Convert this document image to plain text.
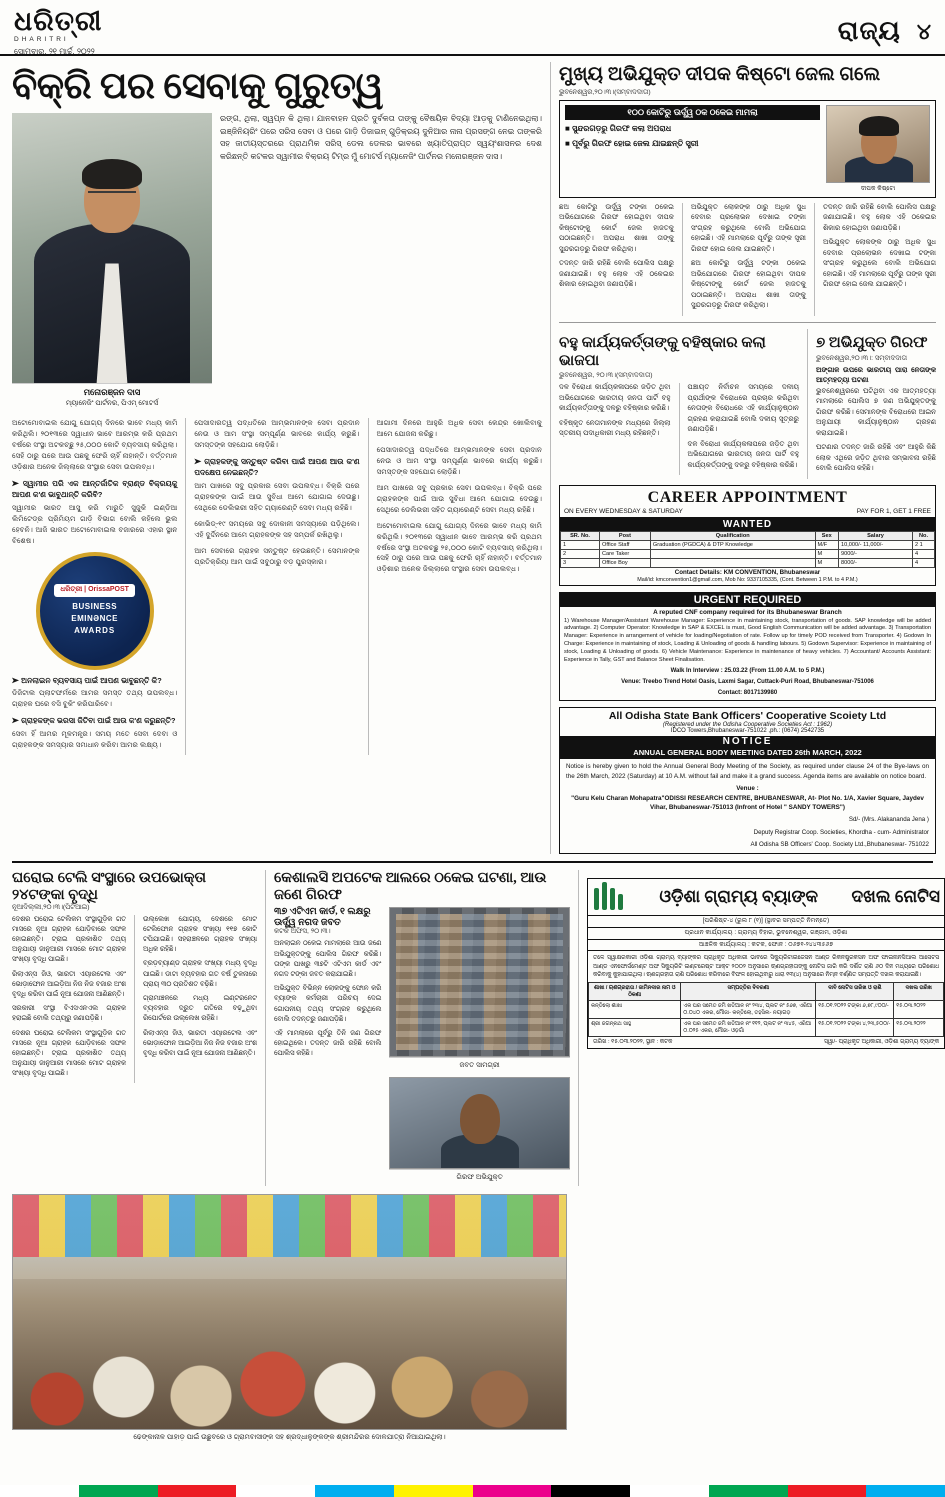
ଧରିତ୍ରୀ
DHARITRI
ସୋମବାର, ୨୧ ମାର୍ଚ୍ଚ, ୨୦୨୨
ରାଜ୍ୟ ୪
ବିକ୍ରି ପର ସେବାକୁ ଗୁରୁତ୍ୱ
ମନୋରଞ୍ଜନ ଦାସ
ମ୍ୟାନେଜିଂ ପାର୍ଟନର, ପିଏମ୍ ମୋଟର୍ସ
ରଙ୍ଗ, ଥିଲା, ସ୍ୱପ୍ନ କି ଥିଲା। ଯାନବାହନ ପ୍ରତି ଦୁର୍ବଳତା ତାଙ୍କୁ ବୈଷୟିକ ବିଦ୍ୟା ଆଡ଼କୁ ଟାଣିନେଇଥିଲା। ଇଞ୍ଜିନିୟରିଂ ପରେ ସରିସ ସେବା ଓ ପରେ ଗାଡ଼ି ଡିଜାଇନ୍ ଗୁଡ଼ିକ୍ରୟ ଦୁନିଆର ନାନା ପ୍ରସଙ୍ଗ ନେଇ ତାଙ୍କରି ସହ ଜାତୀୟସ୍ତରରେ ପ୍ରାଥମିକ ସରିସ୍ ଡେଲ ଡେଲର ଭାବରେ ଖ୍ୟାତିପ୍ରାପ୍ତ ସ୍ୱୟଂଶାସନର ଦେଶ କରିଛନ୍ତି କଟକର ସ୍ୱାମୀର ବିକ୍ରୟ ଟିମ୍‌ର ମୁଁ ମୋଟର୍ସ ମ୍ୟାନେଜିଂ ପାର୍ଟନର ମନୋରଞ୍ଜନ ଦାସ।

ଅଟୋମୋବାଇଲ ଯୋଗୁ ଯୋଗ୍ୟ ଦିନରେ ଭାବେ ମଧ୍ୟ କାମି କରିଥିଲି। ୨୦୧୩ରେ ସ୍ୱାଧୀନ ଭାବେ ଆରମ୍ଭ କରି ପ୍ରଥମ ବର୍ଷରେ ସଂସ୍ଥା ଅଟକଚ୍ଛୁ ୨୫,୦୦୦ କୋଟି ବ୍ୟବସାୟ କରିଥିଲା। ସେହି ଠାରୁ ପରେ ଆଉ ପଛକୁ ଫେରି ଚାହିଁ ନାହାନ୍ତି। ବର୍ତ୍ତମାନ ଓଡ଼ିଶାର ଅନେକ ଜିଲ୍ଲାରେ ସଂସ୍ଥାର ସେବା ଉପଲବ୍ଧ।

➤ ସ୍ୱାମୀର ପରି ଏକ ଆନ୍ତର୍ଜାତିକ ବ୍ରାଣ୍ଡ ବିକ୍ରୟକୁ ଆପଣ କ'ଣ ଭାବୁଥାନ୍ତି କରିବି?

ସ୍ୱାମୀର ଭାରତ ଆସୁ କରି ମାରୁତି ସୁଜୁକି ଇଣ୍ଡିଆ ଲିମିଟେଡ୍‌ର ପ୍ରିମିୟମ ଗାଡ଼ି ବିଭାଗ ବୋଲି କହିଲେ ଭୁଲ ହେବନି। ଆଜି ଭାରତ ଅଟୋମୋବାଇଲ ବଜାରରେ ଏହାର ସ୍ଥାନ ବିଶେଷ।

ଧରିତ୍ରୀ | OrissaPOST
BUSINESS
EMINƏNCE
AWARDS
➤ ଅନଲାଇନ ବ୍ୟବସାୟ ପାଇଁ ଆପଣ ଭାବୁଛନ୍ତି କି?

ଡିଜିଟାଲ ପ୍ଲାଟଫର୍ମରେ ଆମର ସମସ୍ତ ତଥ୍ୟ ଉପଲବ୍ଧ। ଗ୍ରାହକ ଘରେ ବସି ବୁକିଂ କରିପାରିବେ।

➤ ଗ୍ରାହକଙ୍କ ଭରସା ଜିତିବା ପାଇଁ ଆଉ କ'ଣ କରୁଛନ୍ତି?

ସେବା ହିଁ ଆମର ମୂଳମନ୍ତ୍ର। ସମୟ ମତେ ସେବା ଦେବା ଓ ଗ୍ରାହକଙ୍କ ସମସ୍ୟାର ସମାଧାନ କରିବା ଆମର ଲକ୍ଷ୍ୟ।

ପେସାଦାରତ୍ୱ ପଦ୍ଧତିରେ ଆମ୍ଭମାନଙ୍କ ସେବା ପ୍ରଦାନ ନେଉ ଓ ଆମ ସଂସ୍ଥା ସମ୍ପୂର୍ଣ୍ଣ ଭାବରେ କାର୍ଯ୍ୟ କରୁଛି। ସମସ୍ତଙ୍କ ସହଯୋଗ ଲୋଡ଼ିଛି।

➤ ଗ୍ରାହକଙ୍କୁ ସନ୍ତୁଷ୍ଟ କରିବା ପାଇଁ ଆପଣ ଆଉ କ'ଣ ପଦକ୍ଷେପ ନେଇଛନ୍ତି?

ଆମ ପାଖରେ ସବୁ ପ୍ରକାର ସେବା ଉପଲବ୍ଧ। ବିକ୍ରି ପରେ ଗ୍ରାହକଙ୍କ ପାଇଁ ଆଉ ସୁବିଧା ଆମେ ଯୋଗାଇ ଦେଉଛୁ। ସେଥିରେ ଡେଲିଭରୀ ସହିତ ଗ୍ୟାରେଣ୍ଟି ସେବା ମଧ୍ୟ ରହିଛି।

କୋଭିଡ୍-୧୯ ସମୟରେ ସବୁ ଦୋକାନୀ ସମସ୍ୟାରେ ପଡ଼ିଥିଲେ। ଏହି ଦୁର୍ଦ୍ଦିନରେ ଆମେ ଗ୍ରାହକଙ୍କ ସହ ସମ୍ପର୍କ ରଖିଥିଲୁ।

ଆମ ସେବାରେ ଗ୍ରାହକ ସନ୍ତୁଷ୍ଟ ହେଉଛନ୍ତି। ସେମାନଙ୍କ ପ୍ରତିକ୍ରିୟା ଆମ ପାଇଁ ସବୁଠାରୁ ବଡ଼ ପୁରସ୍କାର।

ଆଗାମୀ ଦିନରେ ଆହୁରି ଅଧିକ ସେବା କେନ୍ଦ୍ର ଖୋଲିବାକୁ ଆମେ ଯୋଜନା କରିଛୁ।

ପେସାଦାରତ୍ୱ ପଦ୍ଧତିରେ ଆମ୍ଭମାନଙ୍କ ସେବା ପ୍ରଦାନ ନେଉ ଓ ଆମ ସଂସ୍ଥା ସମ୍ପୂର୍ଣ୍ଣ ଭାବରେ କାର୍ଯ୍ୟ କରୁଛି। ସମସ୍ତଙ୍କ ସହଯୋଗ ଲୋଡ଼ିଛି।

ଆମ ପାଖରେ ସବୁ ପ୍ରକାର ସେବା ଉପଲବ୍ଧ। ବିକ୍ରି ପରେ ଗ୍ରାହକଙ୍କ ପାଇଁ ଆଉ ସୁବିଧା ଆମେ ଯୋଗାଇ ଦେଉଛୁ। ସେଥିରେ ଡେଲିଭରୀ ସହିତ ଗ୍ୟାରେଣ୍ଟି ସେବା ମଧ୍ୟ ରହିଛି।

ଅଟୋମୋବାଇଲ ଯୋଗୁ ଯୋଗ୍ୟ ଦିନରେ ଭାବେ ମଧ୍ୟ କାମି କରିଥିଲି। ୨୦୧୩ରେ ସ୍ୱାଧୀନ ଭାବେ ଆରମ୍ଭ କରି ପ୍ରଥମ ବର୍ଷରେ ସଂସ୍ଥା ଅଟକଚ୍ଛୁ ୨୫,୦୦୦ କୋଟି ବ୍ୟବସାୟ କରିଥିଲା। ସେହି ଠାରୁ ପରେ ଆଉ ପଛକୁ ଫେରି ଚାହିଁ ନାହାନ୍ତି। ବର୍ତ୍ତମାନ ଓଡ଼ିଶାର ଅନେକ ଜିଲ୍ଲାରେ ସଂସ୍ଥାର ସେବା ଉପଲବ୍ଧ।

ମୁଖ୍ୟ ଅଭିଯୁକ୍ତ ଦୀପକ କିଷ୍ଟୋ ଜେଲ ଗଲେ
ଭୁବନେଶ୍ୱର,୨୦।୩।(ସମ୍ବାଦଦାତା)
୧୦୦ କୋଟିରୁ ଊର୍ଦ୍ଧ୍ୱ ଠକ ଠକେଇ ମାମଲା
■ ସୁନ୍ଦରଗଡ଼ରୁ ଗିରଫ କଲା ଅପରାଧ
■ ପୂର୍ବରୁ ଗିରଫ ହୋଇ ଜେଲ ଯାଇଛନ୍ତି ସ୍ତ୍ରୀ
ଦୀପକ କିଷ୍ଟୋ

ଛଅ କୋଟିରୁ ଊର୍ଦ୍ଧ୍ୱ ଟଙ୍କା ଠକେଇ ଅଭିଯୋଗରେ ଗିରଫ ହୋଇଥିବା ଦୀପକ କିଷ୍ଟୋଙ୍କୁ କୋର୍ଟ ଜେଲ ହାଜତକୁ ପଠାଇଛନ୍ତି। ଅପରାଧ ଶାଖା ତାଙ୍କୁ ସୁନ୍ଦରଗଡ଼ରୁ ଗିରଫ କରିଥିଲା।

ତଦନ୍ତ ଜାରି ରହିଛି ବୋଲି ପୋଲିସ ପକ୍ଷରୁ ଜଣାଯାଇଛି। ବହୁ ଲୋକ ଏହି ଠକେଇର ଶିକାର ହୋଇଥିବା ଜଣାପଡ଼ିଛି।

ଅଭିଯୁକ୍ତ ଲୋକଙ୍କ ଠାରୁ ଅଧିକ ସୁଧ ଦେବାର ପ୍ରଲୋଭନ ଦେଖାଇ ଟଙ୍କା ସଂଗ୍ରହ କରୁଥିଲେ ବୋଲି ଅଭିଯୋଗ ହୋଇଛି। ଏହି ମାମଲାରେ ପୂର୍ବରୁ ତାଙ୍କ ସ୍ତ୍ରୀ ଗିରଫ ହୋଇ ଜେଲ ଯାଇଛନ୍ତି।

ଛଅ କୋଟିରୁ ଊର୍ଦ୍ଧ୍ୱ ଟଙ୍କା ଠକେଇ ଅଭିଯୋଗରେ ଗିରଫ ହୋଇଥିବା ଦୀପକ କିଷ୍ଟୋଙ୍କୁ କୋର୍ଟ ଜେଲ ହାଜତକୁ ପଠାଇଛନ୍ତି। ଅପରାଧ ଶାଖା ତାଙ୍କୁ ସୁନ୍ଦରଗଡ଼ରୁ ଗିରଫ କରିଥିଲା।

ତଦନ୍ତ ଜାରି ରହିଛି ବୋଲି ପୋଲିସ ପକ୍ଷରୁ ଜଣାଯାଇଛି। ବହୁ ଲୋକ ଏହି ଠକେଇର ଶିକାର ହୋଇଥିବା ଜଣାପଡ଼ିଛି।

ଅଭିଯୁକ୍ତ ଲୋକଙ୍କ ଠାରୁ ଅଧିକ ସୁଧ ଦେବାର ପ୍ରଲୋଭନ ଦେଖାଇ ଟଙ୍କା ସଂଗ୍ରହ କରୁଥିଲେ ବୋଲି ଅଭିଯୋଗ ହୋଇଛି। ଏହି ମାମଲାରେ ପୂର୍ବରୁ ତାଙ୍କ ସ୍ତ୍ରୀ ଗିରଫ ହୋଇ ଜେଲ ଯାଇଛନ୍ତି।

ବହୁ କାର୍ଯ୍ୟକର୍ତ୍ତାଙ୍କୁ ବହିଷ୍କାର କଲା ଭାଜପା
ଭୁବନେଶ୍ୱର, ୨୦।୩।(ସମ୍ବାଦଦାତା)

ଦଳ ବିରୋଧୀ କାର୍ଯ୍ୟକଳାପରେ ଜଡ଼ିତ ଥିବା ଅଭିଯୋଗରେ ଭାରତୀୟ ଜନତା ପାର୍ଟି ବହୁ କାର୍ଯ୍ୟକର୍ତ୍ତାଙ୍କୁ ଦଳରୁ ବହିଷ୍କାର କରିଛି।

ବହିଷ୍କୃତ ନେତାମାନଙ୍କ ମଧ୍ୟରେ ଜିଲ୍ଲା ସ୍ତରୀୟ ପଦାଧିକାରୀ ମଧ୍ୟ ରହିଛନ୍ତି।

ପଞ୍ଚାୟତ ନିର୍ବାଚନ ସମୟରେ ଦଳୀୟ ପ୍ରାର୍ଥୀଙ୍କ ବିରୋଧରେ ପ୍ରଚାର କରିଥିବା ନେତାଙ୍କ ବିରୋଧରେ ଏହି କାର୍ଯ୍ୟାନୁଷ୍ଠାନ ଗ୍ରହଣ କରାଯାଇଛି ବୋଲି ଦଳୀୟ ସୂତ୍ରରୁ ଜଣାପଡ଼ିଛି।

ଦଳ ବିରୋଧୀ କାର୍ଯ୍ୟକଳାପରେ ଜଡ଼ିତ ଥିବା ଅଭିଯୋଗରେ ଭାରତୀୟ ଜନତା ପାର୍ଟି ବହୁ କାର୍ଯ୍ୟକର୍ତ୍ତାଙ୍କୁ ଦଳରୁ ବହିଷ୍କାର କରିଛି।

୭ ଅଭିଯୁକ୍ତ ଗିରଫ
ଭୁବନେଶ୍ୱର,୨୦।୩।: ସମ୍ବାଦଦାତା
ଅଙ୍ଗାଳ ଉପରେ ଭାରତୀୟ ପାରା ନେତାଙ୍କ ଆତ୍ମହତ୍ୟା ଘଟଣା

ଭୁବନେଶ୍ୱରରେ ଘଟିଥିବା ଏକ ଆତ୍ମହତ୍ୟା ମାମଲାରେ ପୋଲିସ ୭ ଜଣ ଅଭିଯୁକ୍ତଙ୍କୁ ଗିରଫ କରିଛି। ସେମାନଙ୍କ ବିରୋଧରେ ଆଇନ ଅନୁଯାୟୀ କାର୍ଯ୍ୟାନୁଷ୍ଠାନ ଗ୍ରହଣ କରାଯାଇଛି।

ଘଟଣାର ତଦନ୍ତ ଜାରି ରହିଛି ଏବଂ ଆହୁରି କିଛି ଲୋକ ଏଥିରେ ଜଡ଼ିତ ଥିବାର ସମ୍ଭାବନା ରହିଛି ବୋଲି ପୋଲିସ କହିଛି।

CAREER APPOINTMENT
ON EVERY WEDNESDAY & SATURDAY	PAY FOR 1, GET 1 FREE
WANTED
SR. No.	Post	Qualification	Sex	Salary	No.
1	Office Staff	Graduation (PGDCA) & DTP Knowledge	M/F	10,000/- 11,000/-	2 1
2	Care Taker		M	9000/-	4
3	Office Boy		M	8000/-	4
Contact Details: KM CONVENTION, Bhubaneswar
Mail/id: kmconvention1@gmail.com, Mob No: 9337105335, (Cont. Between 1 P.M. to 4 P.M.)
URGENT REQUIRED
A reputed CNF company required for its Bhubaneswar Branch
1) Warehouse Manager/Assistant Warehouse Manager: Experience in maintaining stock, transportation of goods. SAP knowledge will be added advantage. 2) Computer Operator: Knowledge in SAP & EXCEL is must, Good English Communication will be added advantage. 3) Transportation Manager: Experience in arrangement of vehicle for loading/Negotiation of rate. Follow up for timely POD received from Transporter. 4) Godown In Charge: Experience in maintaining of stock, Loading & Unloading of goods & handling labours. 5) Godown Supervisor: Experience in maintaining of stock, Loading & Unloading of goods. 6) Vehicle Maintenance: Experience in maintenance of heavy vehicles. 7) Accountant/ Accounts Assistant: Experience in Tally, GST and Balance Sheet Finalisation.
Walk In Interview : 25.03.22 (From 11.00 A.M. to 5 P.M.)
Venue: Treebo Trend Hotel Oasis, Laxmi Sagar, Cuttack-Puri Road, Bhubaneswar-751006
Contact: 8017139980
All Odisha State Bank Officers' Cooperative Scoiety Ltd
(Registered under the Odisha Cooperative Societies Act : 1962)
IDCO Towers,Bhubaneswar-751022 ,ph.: (0674) 2542735
NOTICE
ANNUAL GENERAL BODY MEETING DATED 26th MARCH, 2022
Notice is hereby given to hold the Annual General Body Meeting of the Society, as required under clause 24 of the Bye-laws on the 26th March, 2022 (Saturday) at 10 A.M. without fail and make it a grand success. Agenda items are available on notice board.
Venue :
"Guru Kelu Charan Mohapatra"ODISSI RESEARCH CENTRE, BHUBANESWAR, At- Plot No. 1/A, Xavier Square, Jaydev Vihar, Bhubaneswar-751013 (Infront of Hotel " SANDY TOWERS")
Sd/- (Mrs. Alakananda Jena )
Deputy Registrar Coop. Societies, Khordha - cum- Administrator
All Odisha SB Officers' Coop. Society Ltd.,Bhubaneswar- 751022
ଘରୋଇ ଟେଲି ସଂସ୍ଥାରେ ଉପଭୋକ୍ତା ୨୪ଟଙ୍କା ବୃଦ୍ଧି
ନୂଆଦିଲ୍ଲୀ,୨୦।୩।(ପିଟିଆଇ)

ଦେଶର ଘରୋଇ ଟେଲିକମ ସଂସ୍ଥାଗୁଡ଼ିକ ଗତ ମାସରେ ନୂଆ ଗ୍ରାହକ ଯୋଡ଼ିବାରେ ସଫଳ ହୋଇଛନ୍ତି। ଟ୍ରାଇ ପ୍ରକାଶିତ ତଥ୍ୟ ଅନୁଯାୟୀ ଜାନୁଆରୀ ମାସରେ ମୋଟ ଗ୍ରାହକ ସଂଖ୍ୟା ବୃଦ୍ଧି ପାଇଛି।

ରିଲାଏନ୍ସ ଜିଓ, ଭାରତୀ ଏୟାରଟେଲ ଏବଂ ଭୋଡ଼ାଫୋନ ଆଇଡ଼ିଆ ନିଜ ନିଜ ବଜାର ଅଂଶ ବୃଦ୍ଧି କରିବା ପାଇଁ ନୂଆ ଯୋଜନା ଆଣିଛନ୍ତି।

ସରକାରୀ ସଂସ୍ଥା ବିଏସଏନଏଲ ଗ୍ରାହକ ହରାଇଛି ବୋଲି ତଥ୍ୟରୁ ଜଣାପଡ଼ିଛି।

ଦେଶର ଘରୋଇ ଟେଲିକମ ସଂସ୍ଥାଗୁଡ଼ିକ ଗତ ମାସରେ ନୂଆ ଗ୍ରାହକ ଯୋଡ଼ିବାରେ ସଫଳ ହୋଇଛନ୍ତି। ଟ୍ରାଇ ପ୍ରକାଶିତ ତଥ୍ୟ ଅନୁଯାୟୀ ଜାନୁଆରୀ ମାସରେ ମୋଟ ଗ୍ରାହକ ସଂଖ୍ୟା ବୃଦ୍ଧି ପାଇଛି।

ଉଲ୍ଲେଖ ଯୋଗ୍ୟ, ଦେଶରେ ମୋଟ ଟେଲିଫୋନ ଗ୍ରାହକ ସଂଖ୍ୟା ୧୧୭ କୋଟି ଟପିଯାଇଛି। ସହରାଞ୍ଚଳରେ ଗ୍ରାହକ ସଂଖ୍ୟା ଅଧିକ ରହିଛି।

ବ୍ରଡ଼ବ୍ୟାଣ୍ଡ ଗ୍ରାହକ ସଂଖ୍ୟା ମଧ୍ୟ ବୃଦ୍ଧି ପାଇଛି। ଡାଟା ବ୍ୟବହାର ଗତ ବର୍ଷ ତୁଳନାରେ ପ୍ରାୟ ୩୦ ପ୍ରତିଶତ ବଢ଼ିଛି।

ଗ୍ରାମାଞ୍ଚଳରେ ମଧ୍ୟ ଇଣ୍ଟରନେଟ ବ୍ୟବହାର ଦ୍ରୁତ ଗତିରେ ବଢ଼ୁଥିବା ରିପୋର୍ଟରେ ଉଲ୍ଲେଖ ରହିଛି।

ରିଲାଏନ୍ସ ଜିଓ, ଭାରତୀ ଏୟାରଟେଲ ଏବଂ ଭୋଡ଼ାଫୋନ ଆଇଡ଼ିଆ ନିଜ ନିଜ ବଜାର ଅଂଶ ବୃଦ୍ଧି କରିବା ପାଇଁ ନୂଆ ଯୋଜନା ଆଣିଛନ୍ତି।

କେଶାଲସି ଅପଟେକ ଆଲରେ ଠକେଇ ଘଟଣା, ଆଉ ଜଣେ ଗିରଫ
୩୭ ଏଟିଏମ କାର୍ଡ, ୧ ଲକ୍ଷରୁ ଊର୍ଦ୍ଧ୍ୱ ନଗଦ ଜବତ
କଟକ ଅଫିସ, ୨୦।୩।

ଅନଲାଇନ ଠକେଇ ମାମଲାରେ ଆଉ ଜଣେ ଅଭିଯୁକ୍ତଙ୍କୁ ପୋଲିସ ଗିରଫ କରିଛି। ତାଙ୍କ ପାଖରୁ ୩୭ଟି ଏଟିଏମ କାର୍ଡ ଏବଂ ନଗଦ ଟଙ୍କା ଜବତ କରାଯାଇଛି।

ଅଭିଯୁକ୍ତ ବିଭିନ୍ନ ଲୋକଙ୍କୁ ଫୋନ କରି ବ୍ୟାଙ୍କ କର୍ମଚାରୀ ପରିଚୟ ଦେଇ ଗୋପନୀୟ ତଥ୍ୟ ସଂଗ୍ରହ କରୁଥିଲେ ବୋଲି ତଦନ୍ତରୁ ଜଣାପଡ଼ିଛି।

ଏହି ମାମଲାରେ ପୂର୍ବରୁ ତିନି ଜଣ ଗିରଫ ହୋଇଥିଲେ। ତଦନ୍ତ ଜାରି ରହିଛି ବୋଲି ପୋଲିସ କହିଛି।

ଜବତ ସାମଗ୍ରୀ
ଗିରଫ ଅଭିଯୁକ୍ତ
ଓଡ଼ିଶା ଗ୍ରାମ୍ୟ ବ୍ୟାଙ୍କ	ଦଖଲ ନୋଟିସ
[ପରିଶିଷ୍ଟ-୪ (ରୁଲ ୮ (୧)] (ସ୍ଥାବର ସମ୍ପତ୍ତି ନିମନ୍ତେ)
ପ୍ରଧାନ କାର୍ଯ୍ୟାଳୟ : ଗ୍ରାମ୍ୟ ବିହାର, ଭୁବନେଶ୍ୱର, ଗଞ୍ଜାମ, ଓଡ଼ିଶା
ଆଞ୍ଚଳିକ କାର୍ଯ୍ୟାଳୟ : କଟକ, ଫୋନ : ୦୬୭୧-୨୪୪୩୫୬୭
ତଳେ ସ୍ୱାକ୍ଷରକାରୀ ଓଡ଼ିଶା ଗ୍ରାମ୍ୟ ବ୍ୟାଙ୍କର ପ୍ରାଧିକୃତ ଅଧିକାରୀ ଭାବରେ ସିକ୍ୟୁରିଟାଇଜେସନ ଆଣ୍ଡ ରିକନଷ୍ଟ୍ରକସନ ଅଫ ଫାଇନାନସିଆଲ ଆସେଟସ ଆଣ୍ଡ ଏନଫୋର୍ସମେଣ୍ଟ ଅଫ ସିକ୍ୟୁରିଟି ଇଣ୍ଟରେଷ୍ଟ ଆକ୍ଟ ୨୦୦୨ ଅନୁସାରେ ଋଣଗ୍ରହୀତାଙ୍କୁ ନୋଟିସ ଜାରି କରି ଦର୍ଶିତ ରାଶି ୬୦ ଦିନ ମଧ୍ୟରେ ପରିଶୋଧ କରିବାକୁ କୁହାଯାଇଥିଲା। ଋଣଗ୍ରହୀତା ରାଶି ପରିଶୋଧ କରିବାରେ ବିଫଳ ହୋଇଥିବାରୁ ଧାରା ୧୩(୪) ଅନୁସାରେ ନିମ୍ନ ବର୍ଣ୍ଣିତ ସମ୍ପତ୍ତି ଦଖଲ କରାଯାଇଛି।
ଶାଖା / ଋଣଗ୍ରହୀତା / ଜାମିନଦାର ନାମ ଓ ଠିକଣା	ସମ୍ପତ୍ତିର ବିବରଣୀ	ଦାବି ନୋଟିସ ତାରିଖ ଓ ରାଶି	ଦଖଲ ତାରିଖ
କନ୍ତିଲୋ ଶାଖା	ଏକ ଘର ସମେତ ଜମି ଖତିଆନ ନଂ ୨୩୪, ପ୍ଲଟ ନଂ ୫୬୭, ଏରିଆ ୦.୦୪୦ ଏକର, ମୌଜା- କନ୍ତିଲୋ, ତହସିଲ- ନୟାଗଡ଼	୧୫.୦୧.୨୦୨୨ ଟଙ୍କା ୬,୭୮,୯୦୦/-	୧୫.୦୩.୨୦୨୨
ଶ୍ରୀ ଜଗନ୍ନାଥ ସାହୁ	ଏକ ଘର ସମେତ ଜମି ଖତିଆନ ନଂ ୧୧୨, ପ୍ଲଟ ନଂ ୩୪୫, ଏରିଆ ୦.୦୨୫ ଏକର, ମୌଜା- ଓଡ଼ଗାଁ	୧୫.୦୧.୨୦୨୨ ଟଙ୍କା ୪,୨୩,୫୦୦/-	୧୫.୦୩.୨୦୨୨
ତାରିଖ : ୧୫.୦୩.୨୦୨୨, ସ୍ଥାନ : କଟକ	ସ୍ୱା/- ପ୍ରାଧିକୃତ ଅଧିକାରୀ, ଓଡ଼ିଶା ଗ୍ରାମ୍ୟ ବ୍ୟାଙ୍କ
ଢେଙ୍କାନାଳ ପାହାଡ଼ ପାଇଁ ଉଛୁବରେ ଓ ଗ୍ରାମବାସୀଙ୍କ ସହ ଶ୍ରଦ୍ଧାଳୁଙ୍କଙ୍କ ଶ୍ରୀମନ୍ଦିରର ଦୋଳଯାତ୍ରା ନିଆଯାଇଥିଲା।
